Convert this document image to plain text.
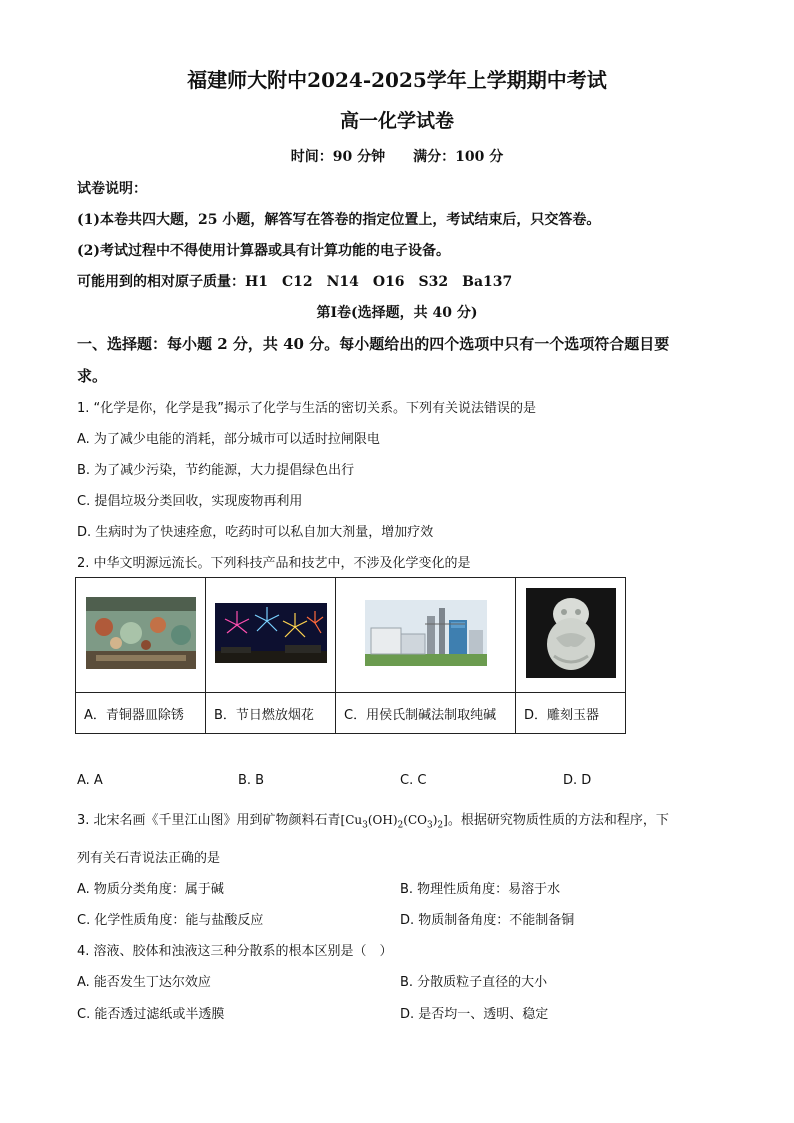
福建师大附中2024-2025学年上学期期中考试
高一化学试卷
时间：90 分钟　　满分：100 分
试卷说明：
(1)本卷共四大题，25 小题，解答写在答卷的指定位置上，考试结束后，只交答卷。
(2)考试过程中不得使用计算器或具有计算功能的电子设备。
可能用到的相对原子质量：H1　C12　N14　O16　S32　Ba137
第Ⅰ卷(选择题，共 40 分)
一、选择题：每小题 2 分，共 40 分。每小题给出的四个选项中只有一个选项符合题目要
求。
1. “化学是你，化学是我”揭示了化学与生活的密切关系。下列有关说法错误的是
A. 为了减少电能的消耗，部分城市可以适时拉闸限电
B. 为了减少污染，节约能源，大力提倡绿色出行
C. 提倡垃圾分类回收，实现废物再利用
D. 生病时为了快速痊愈，吃药时可以私自加大剂量，增加疗效
2. 中华文明源远流长。下列科技产品和技艺中，不涉及化学变化的是

A．青铜器皿除锈	B．节日燃放烟花	C．用侯氏制碱法制取纯碱	D．雕刻玉器
A. A	B. B	C. C	D. D
3. 北宋名画《千里江山图》用到矿物颜料石青$[Cu_3(OH)_2(CO_3)_2]$。根据研究物质性质的方法和程序，下
列有关石青说法正确的是
A. 物质分类角度：属于碱	B. 物理性质角度：易溶于水
C. 化学性质角度：能与盐酸反应	D. 物质制备角度：不能制备铜
4. 溶液、胶体和浊液这三种分散系的根本区别是（　）
A. 能否发生丁达尔效应	B. 分散质粒子直径的大小
C. 能否透过滤纸或半透膜	D. 是否均一、透明、稳定
